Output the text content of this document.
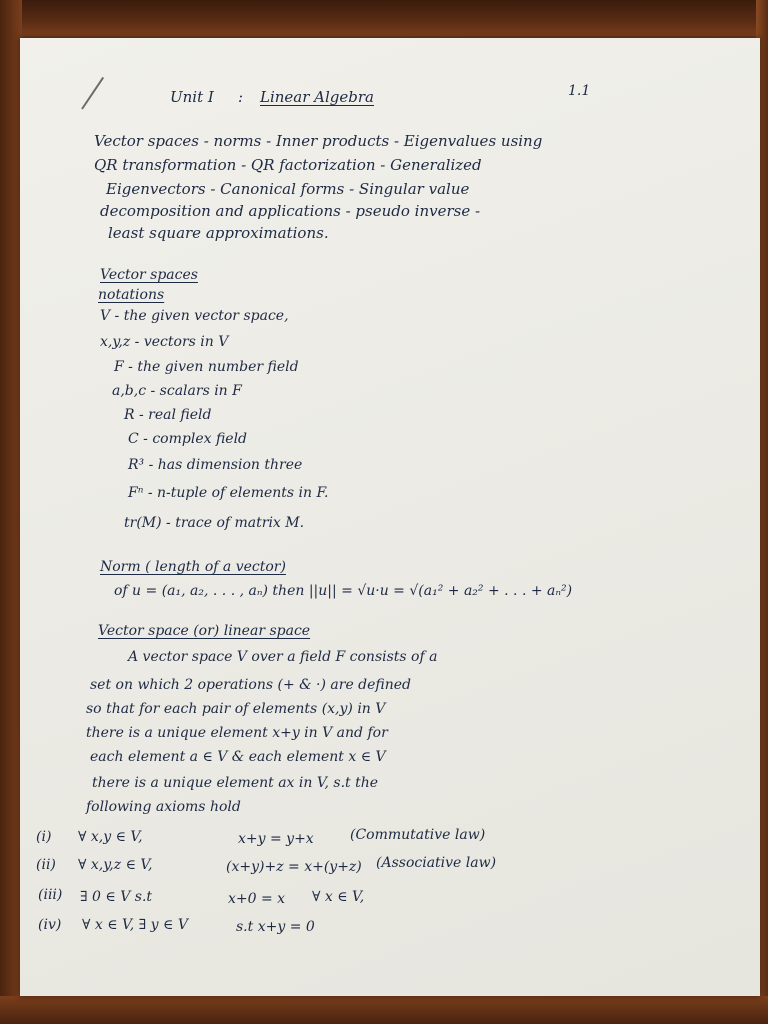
Unit I : Linear Algebra	1.1
Vector spaces - norms - Inner products - Eigenvalues using
QR transformation - QR factorization - Generalized
Eigenvectors - Canonical forms - Singular value
decomposition and applications - pseudo inverse -
least square approximations.
Vector spaces
notations
V - the given vector space,
x,y,z - vectors in V
F - the given number field
a,b,c - scalars in F
R - real field
C - complex field
R³ - has dimension three
Fⁿ - n-tuple of elements in F.
tr(M) - trace of matrix M.
Norm ( length of a vector)
of u = (a₁, a₂, . . . , aₙ) then ||u|| = √u·u = √(a₁² + a₂² + . . . + aₙ²)
Vector space (or) linear space
A vector space V over a field F consists of a
set on which 2 operations (+ & ·) are defined
so that for each pair of elements (x,y) in V
there is a unique element x+y in V and for
each element a ∈ V & each element x ∈ V
there is a unique element ax in V, s.t the
following axioms hold
(i) ∀ x,y ∈ V,	x+y = y+x	(Commutative law)
(ii) ∀ x,y,z ∈ V,	(x+y)+z = x+(y+z) (Associative law)
(iii) ∃ 0 ∈ V s.t	x+0 = x ∀ x ∈ V,
(iv) ∀ x ∈ V, ∃ y ∈ V	s.t x+y = 0
